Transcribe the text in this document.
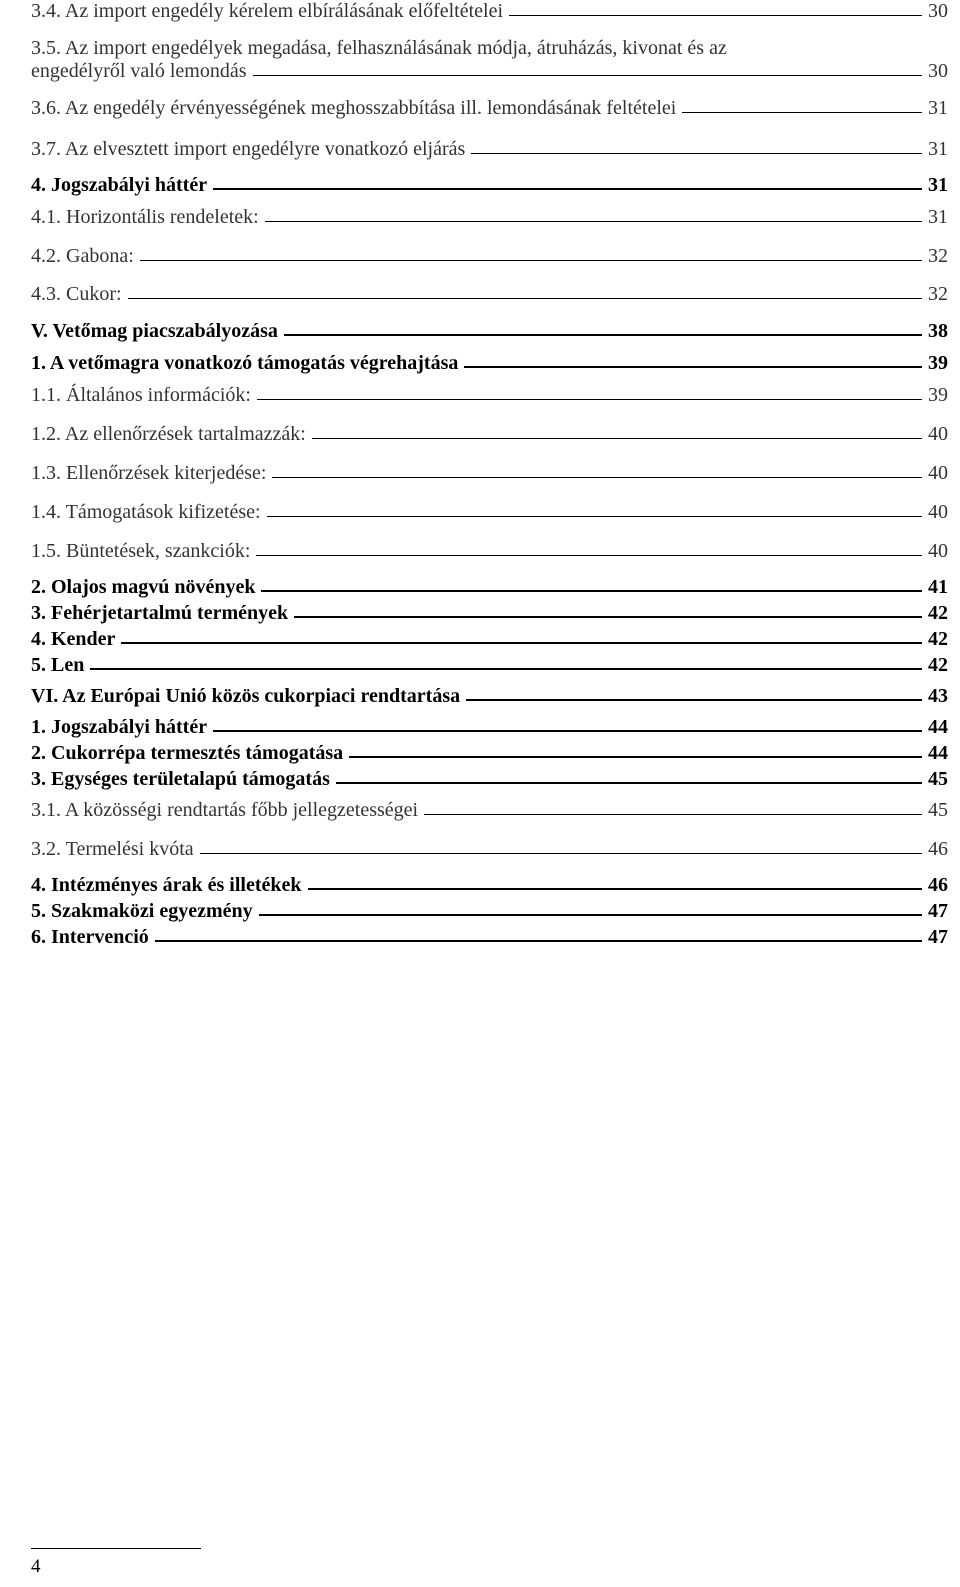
3.4. Az import engedély kérelem elbírálásának előfeltételei	30
3.5. Az import engedélyek megadása, felhasználásának módja, átruházás, kivonat és az
engedélyről való lemondás	30
3.6. Az engedély érvényességének meghosszabbítása ill. lemondásának feltételei	31
3.7. Az elvesztett import engedélyre vonatkozó eljárás	31
4. Jogszabályi háttér	31
4.1. Horizontális rendeletek:	31
4.2. Gabona:	32
4.3. Cukor:	32
V. Vetőmag piacszabályozása	38
1. A vetőmagra vonatkozó támogatás végrehajtása	39
1.1. Általános információk:	39
1.2. Az ellenőrzések tartalmazzák:	40
1.3. Ellenőrzések kiterjedése:	40
1.4. Támogatások kifizetése:	40
1.5. Büntetések, szankciók:	40
2. Olajos magvú növények	41
3. Fehérjetartalmú termények	42
4. Kender	42
5. Len	42
VI. Az Európai Unió közös cukorpiaci rendtartása	43
1. Jogszabályi háttér	44
2. Cukorrépa termesztés támogatása	44
3. Egységes területalapú támogatás	45
3.1. A közösségi rendtartás főbb jellegzetességei	45
3.2. Termelési kvóta	46
4. Intézményes árak és illetékek	46
5. Szakmaközi egyezmény	47
6. Intervenció	47
4
